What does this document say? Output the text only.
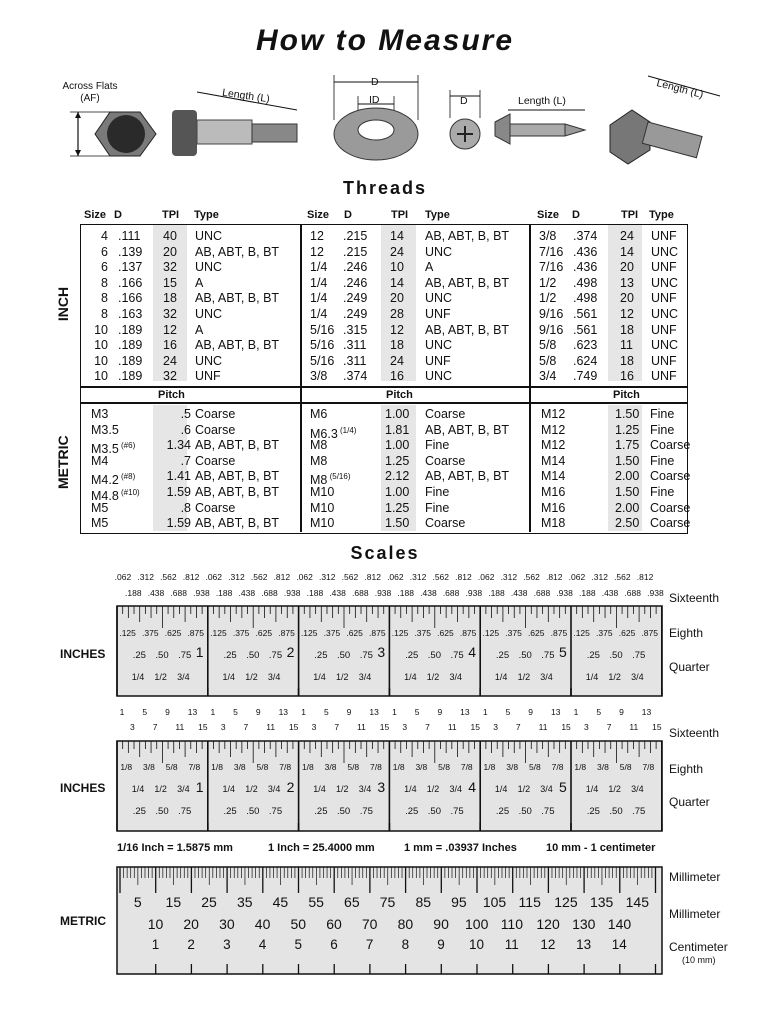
How to Measure
Across Flats
(AF)	Length (L)
D
ID	D	Length (L)
Length (L)
Threads
Pitch	Pitch	Pitch
4 .111 40 UNC
6 .139 20 AB, ABT, B, BT
6 .137 32 UNC
8 .166 15 A
8 .166 18 AB, ABT, B, BT
8 .163 32 UNC
10 .189 12 A
10 .189 16 AB, ABT, B, BT
10 .189 24 UNC
10 .189 32 UNF
12	.215 14 AB, ABT, B, BT
12	.215 24 UNC
1/4	.246 10 A
1/4	.246 14 AB, ABT, B, BT
1/4	.249 20 UNC
1/4	.249 28 UNF
5/16 .315 12 AB, ABT, B, BT
5/16 .311 18 UNC
5/16 .311 24 UNF
3/8	.374 16 UNC
3/8	.374 24 UNF
7/16 .436 14 UNC
7/16 .436 20 UNF
1/2	.498 13 UNC
1/2	.498 20 UNF
9/16 .561 12 UNC
9/16 .561 18 UNF
5/8	.623 11 UNC
5/8	.624 18 UNF
3/4	.749 16 UNF
M3	.5 Coarse
M3.5	.6 Coarse
M3.5 $^{(\#6)}$	1.34 AB, ABT, B, BT
M4	.7 Coarse
M4.2 $^{(\#8)}$	1.41 AB, ABT, B, BT
M4.8 $^{(\#10)}$	1.59 AB, ABT, B, BT
M5	.8 Coarse
M5	1.59 AB, ABT, B, BT
M6	1.00	Coarse
M6.3 $^{(1/4)}$ 1.81	AB, ABT, B, BT
M8	1.00	Fine
M8	1.25	Coarse
M8 $^{(5/16)}$	2.12	AB, ABT, B, BT
M10	1.00	Fine
M10	1.25	Fine
M10	1.50	Coarse
M12	1.50 Fine
M12	1.25 Fine
M12	1.75 Coarse
M14	1.50 Fine
M14	2.00 Coarse
M16	1.50 Fine
M16	2.00 Coarse
M18	2.50 Coarse
INCH
METRIC
Scales
Size D	TPI Type	Size D	TPI Type	Size D	TPI Type
.062 .312 .562 .812
.188 .438 .688 .938
.125 .375 .625 .875
.25 .50 .75
1/4 1/2 3/4
1
.062 .312 .562 .812
.188 .438 .688 .938
.125 .375 .625 .875
.25 .50 .75
1/4 1/2 3/4
2
.062 .312 .562 .812
.188 .438 .688 .938
.125 .375 .625 .875
.25 .50 .75
1/4 1/2 3/4
3
.062 .312 .562 .812
.188 .438 .688 .938
.125 .375 .625 .875
.25 .50 .75
1/4 1/2 3/4
4
.062 .312 .562 .812
.188 .438 .688 .938
.125 .375 .625 .875
.25 .50 .75
1/4 1/2 3/4
5
.062 .312 .562 .812
.188 .438 .688 .938
.125 .375 .625 .875
.25 .50 .75
1/4 1/2 3/4
INCHES
Sixteenth
Eighth
Quarter
1 5 9 13
3 7 11 15
1/8 3/8 5/8 7/8
1/4 1/2 3/4
.25 .50 .75
1
1 5 9 13
3 7 11 15
1/8 3/8 5/8 7/8
1/4 1/2 3/4
.25 .50 .75
2
1 5 9 13
3 7 11 15
1/8 3/8 5/8 7/8
1/4 1/2 3/4
.25 .50 .75
3
1 5 9 13
3 7 11 15
1/8 3/8 5/8 7/8
1/4 1/2 3/4
.25 .50 .75
4
1 5 9 13
3 7 11 15
1/8 3/8 5/8 7/8
1/4 1/2 3/4
.25 .50 .75
5
1 5 9 13
3 7 11 15
1/8 3/8 5/8 7/8
1/4 1/2 3/4
.25 .50 .75
INCHES
Sixteenth
Eighth
Quarter
1/16 Inch = 1.5875 mm	1 Inch = 25.4000 mm	1 mm = .03937 Inches	10 mm - 1 centimeter
5 15 25 35 45 55 65 75 85 95 105 115 125 135 145
10 20 30 40 50 60 70 80 90 100 110 120 130 140
1 2 3 4 5 6 7 8 9 10 11 12 13 14
METRIC
Millimeter
Millimeter
Centimeter
(10 mm)
